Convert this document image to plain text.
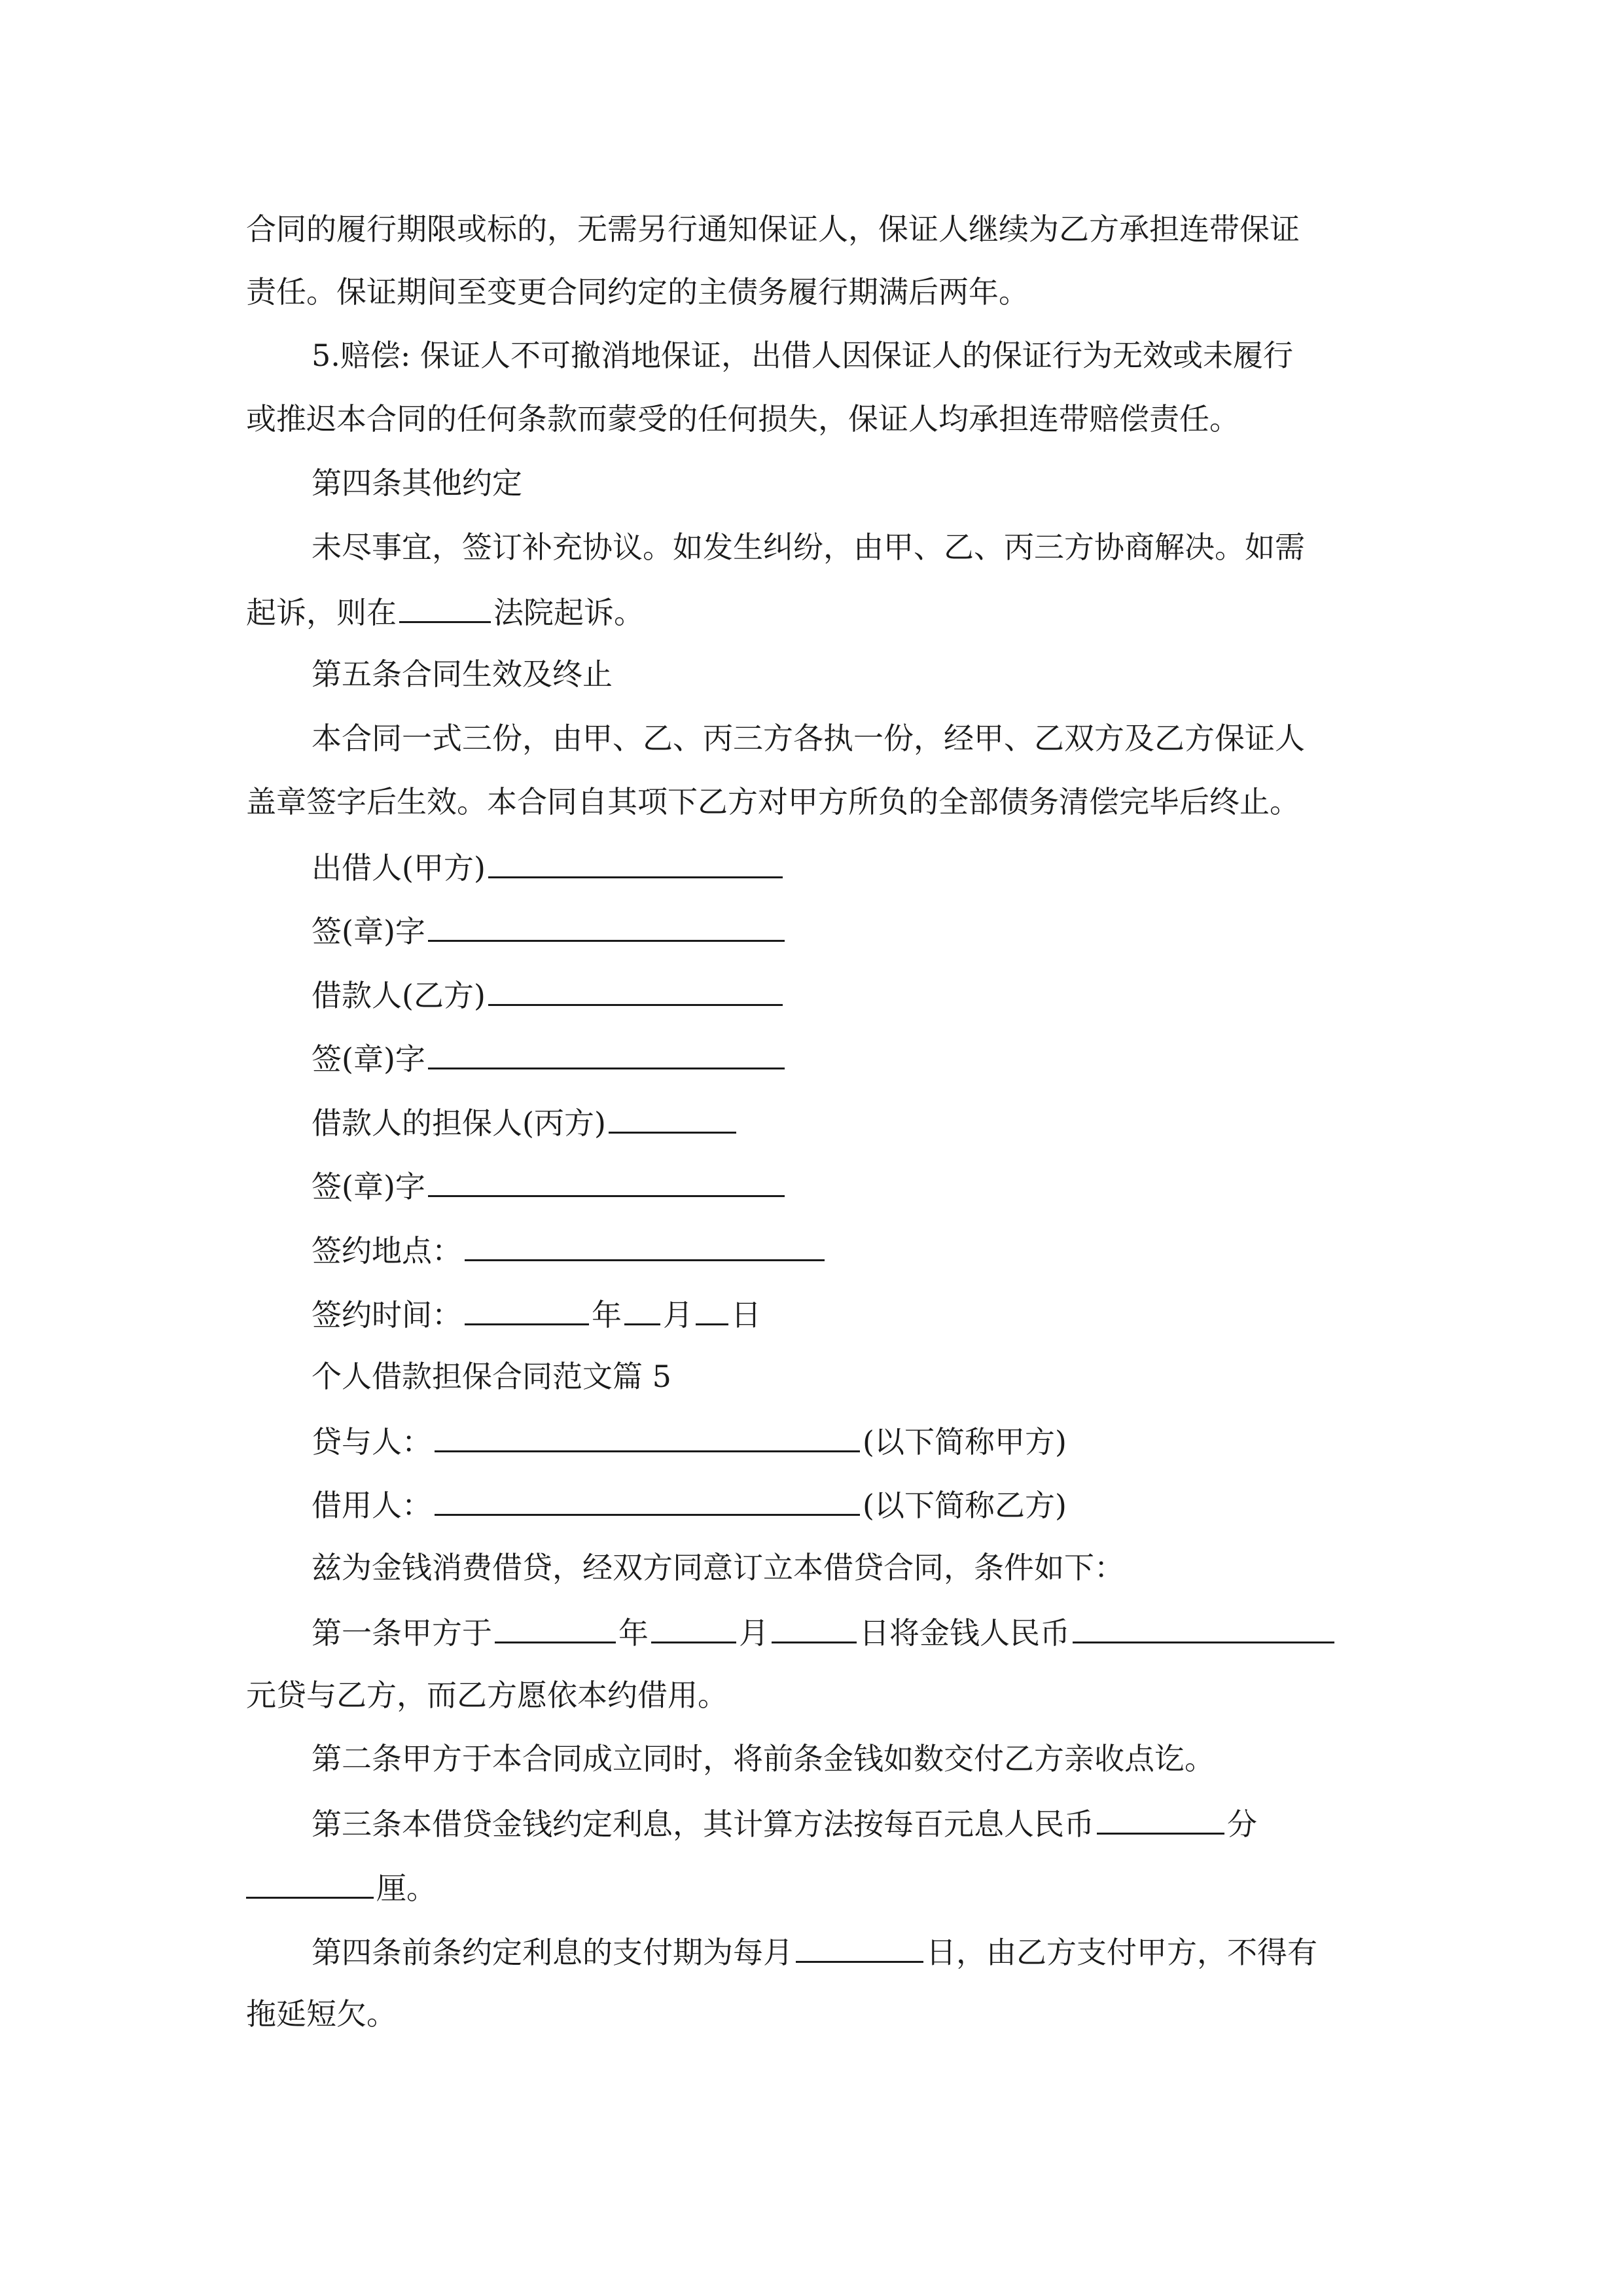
合同的履行期限或标的，无需另行通知保证人，保证人继续为乙方承担连带保证
责任。保证期间至变更合同约定的主债务履行期满后两年。
5.赔偿: 保证人不可撤消地保证，出借人因保证人的保证行为无效或未履行
或推迟本合同的任何条款而蒙受的任何损失，保证人均承担连带赔偿责任。
第四条其他约定
未尽事宜，签订补充协议。如发生纠纷，由甲、乙、丙三方协商解决。如需
起诉，则在	法院起诉。
第五条合同生效及终止
本合同一式三份，由甲、乙、丙三方各执一份，经甲、乙双方及乙方保证人
盖章签字后生效。本合同自其项下乙方对甲方所负的全部债务清偿完毕后终止。
出借人(甲方)
签(章)字
借款人(乙方)
签(章)字
借款人的担保人(丙方)
签(章)字
签约地点：
签约时间：	年 月 日
个人借款担保合同范文篇 5
贷与人：	(以下简称甲方)
借用人：	(以下简称乙方)
兹为金钱消费借贷，经双方同意订立本借贷合同，条件如下：
第一条甲方于	年	月	日将金钱人民币
元贷与乙方，而乙方愿依本约借用。
第二条甲方于本合同成立同时，将前条金钱如数交付乙方亲收点讫。
第三条本借贷金钱约定利息，其计算方法按每百元息人民币	分
厘。
第四条前条约定利息的支付期为每月	日，由乙方支付甲方，不得有
拖延短欠。
